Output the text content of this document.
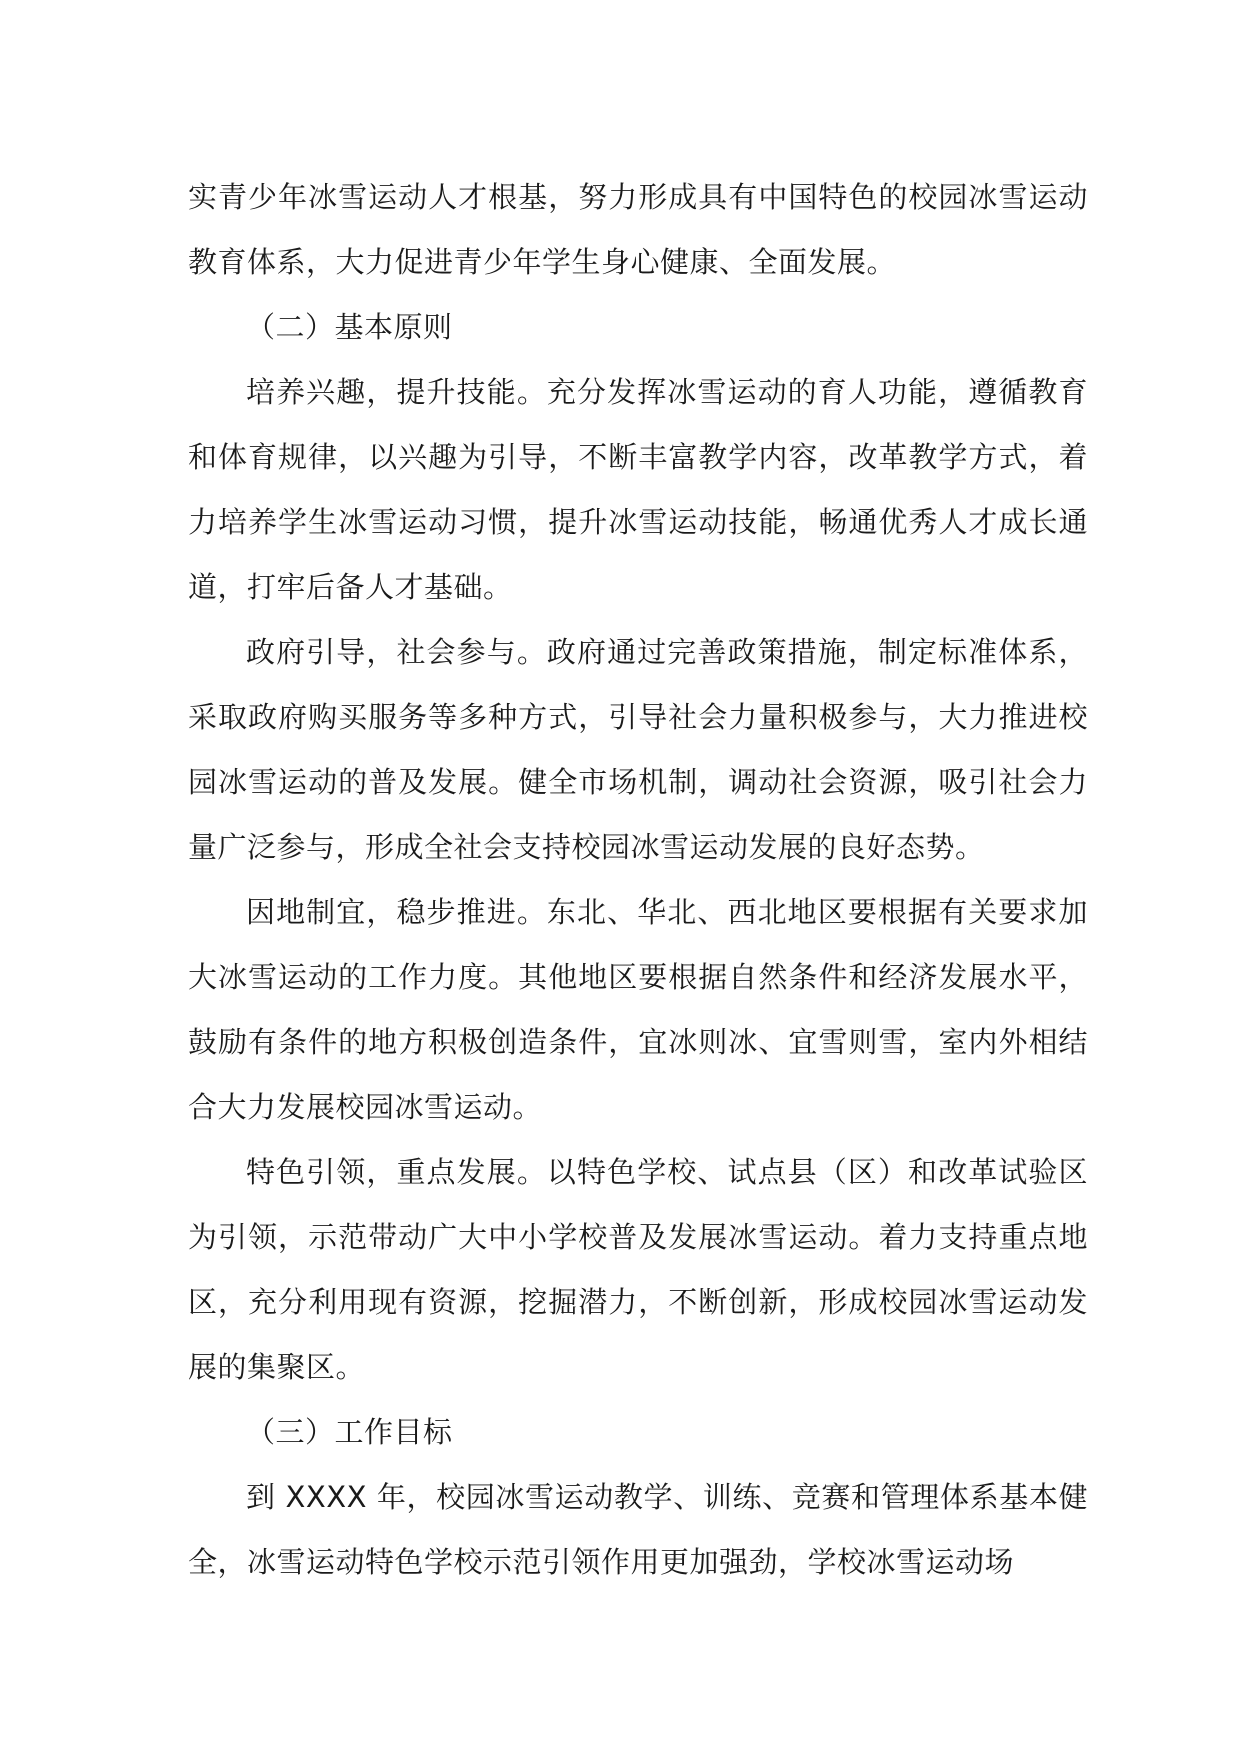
实青少年冰雪运动人才根基，努力形成具有中国特色的校园冰雪运动教育体系，大力促进青少年学生身心健康、全面发展。

（二）基本原则

培养兴趣，提升技能。充分发挥冰雪运动的育人功能，遵循教育和体育规律，以兴趣为引导，不断丰富教学内容，改革教学方式，着力培养学生冰雪运动习惯，提升冰雪运动技能，畅通优秀人才成长通道，打牢后备人才基础。

政府引导，社会参与。政府通过完善政策措施，制定标准体系，采取政府购买服务等多种方式，引导社会力量积极参与，大力推进校园冰雪运动的普及发展。健全市场机制，调动社会资源，吸引社会力量广泛参与，形成全社会支持校园冰雪运动发展的良好态势。

因地制宜，稳步推进。东北、华北、西北地区要根据有关要求加大冰雪运动的工作力度。其他地区要根据自然条件和经济发展水平，鼓励有条件的地方积极创造条件，宜冰则冰、宜雪则雪，室内外相结合大力发展校园冰雪运动。

特色引领，重点发展。以特色学校、试点县（区）和改革试验区为引领，示范带动广大中小学校普及发展冰雪运动。着力支持重点地区，充分利用现有资源，挖掘潜力，不断创新，形成校园冰雪运动发展的集聚区。

（三）工作目标

到 XXXX 年，校园冰雪运动教学、训练、竞赛和管理体系基本健全，冰雪运动特色学校示范引领作用更加强劲，学校冰雪运动场
